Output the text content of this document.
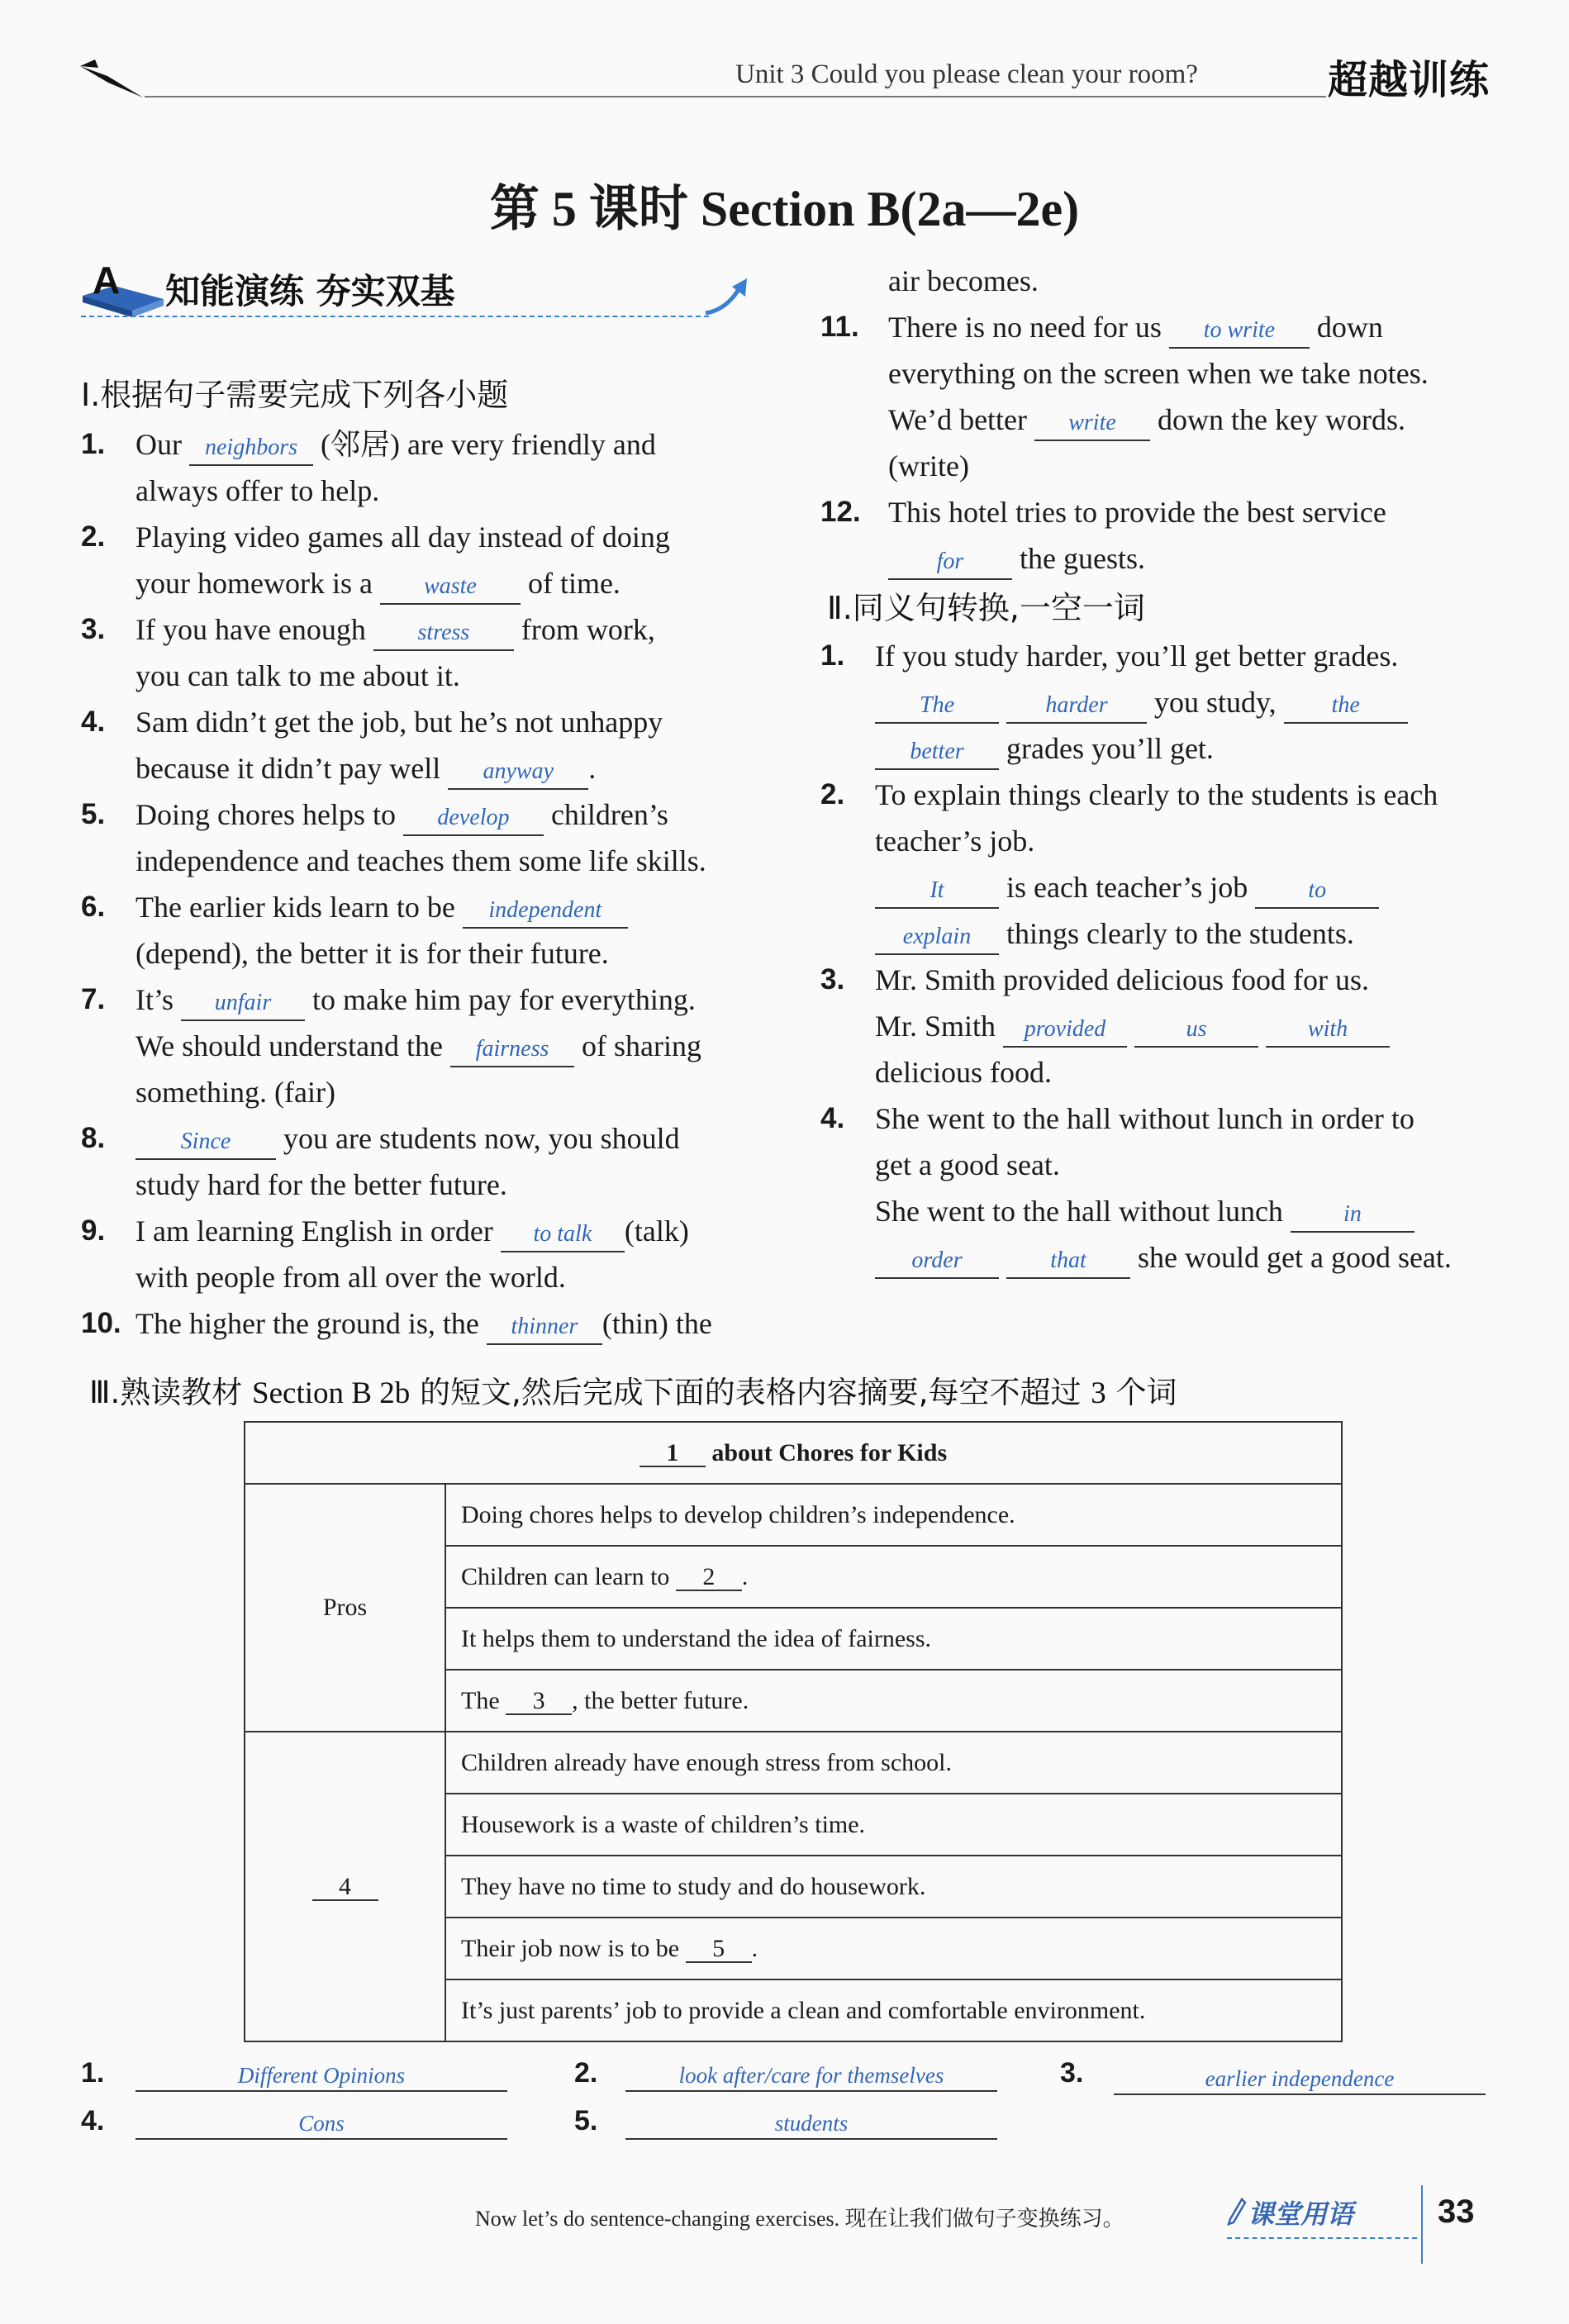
Unit 3 Could you please clean your room?	超越训练
第 5 课时 Section B(2a—2e)
A 知能演练 夯实双基
Ⅰ.根据句子需要完成下列各小题
1. Our neighbors (邻居) are very friendly and
always offer to help.
2. Playing video games all day instead of doing
your homework is a waste of time.
3. If you have enough stress from work,
you can talk to me about it.
4. Sam didn’t get the job, but he’s not unhappy
because it didn’t pay well anyway .
5. Doing chores helps to develop children’s
independence and teaches them some life skills.
6. The earlier kids learn to be independent
(depend), the better it is for their future.
7. It’s unfair to make him pay for everything.
We should understand the fairness of sharing
something. (fair)
8.	Since you are students now, you should
study hard for the better future.
9. I am learning English in order to talk (talk)
with people from all over the world.
10. The higher the ground is, the thinner (thin) the
air becomes.
11. There is no need for us to write down
everything on the screen when we take notes.
We’d better write down the key words.
(write)
12. This hotel tries to provide the best service
for the guests.
Ⅱ.同义句转换,一空一词
1. If you study harder, you’ll get better grades.
The	harder you study, the
better grades you’ll get.
2. To explain things clearly to the students is each
teacher’s job.
It is each teacher’s job	to
explain things clearly to the students.
3. Mr. Smith provided delicious food for us.
Mr. Smith provided	us	with
delicious food.
4. She went to the hall without lunch in order to
get a good seat.
She went to the hall without lunch	in
order	that she would get a good seat.
Ⅲ.熟读教材 Section B 2b 的短文,然后完成下面的表格内容摘要,每空不超过 3 个词
1 about Chores for Kids	
Pros	Doing chores helps to develop children’s independence.
	Children can learn to 2 .
	It helps them to understand the idea of fairness.
	The 3 , the better future.
4	Children already have enough stress from school.
	Housework is a waste of children’s time.
	They have no time to study and do housework.
	Their job now is to be 5 .
	It’s just parents’ job to provide a clean and comfortable environment.
1.	Different Opinions	2.	look after/care for themselves	3.	earlier independence
4.	Cons	5.	students
Now let’s do sentence-changing exercises. 现在让我们做句子变换练习。	课堂用语	33
